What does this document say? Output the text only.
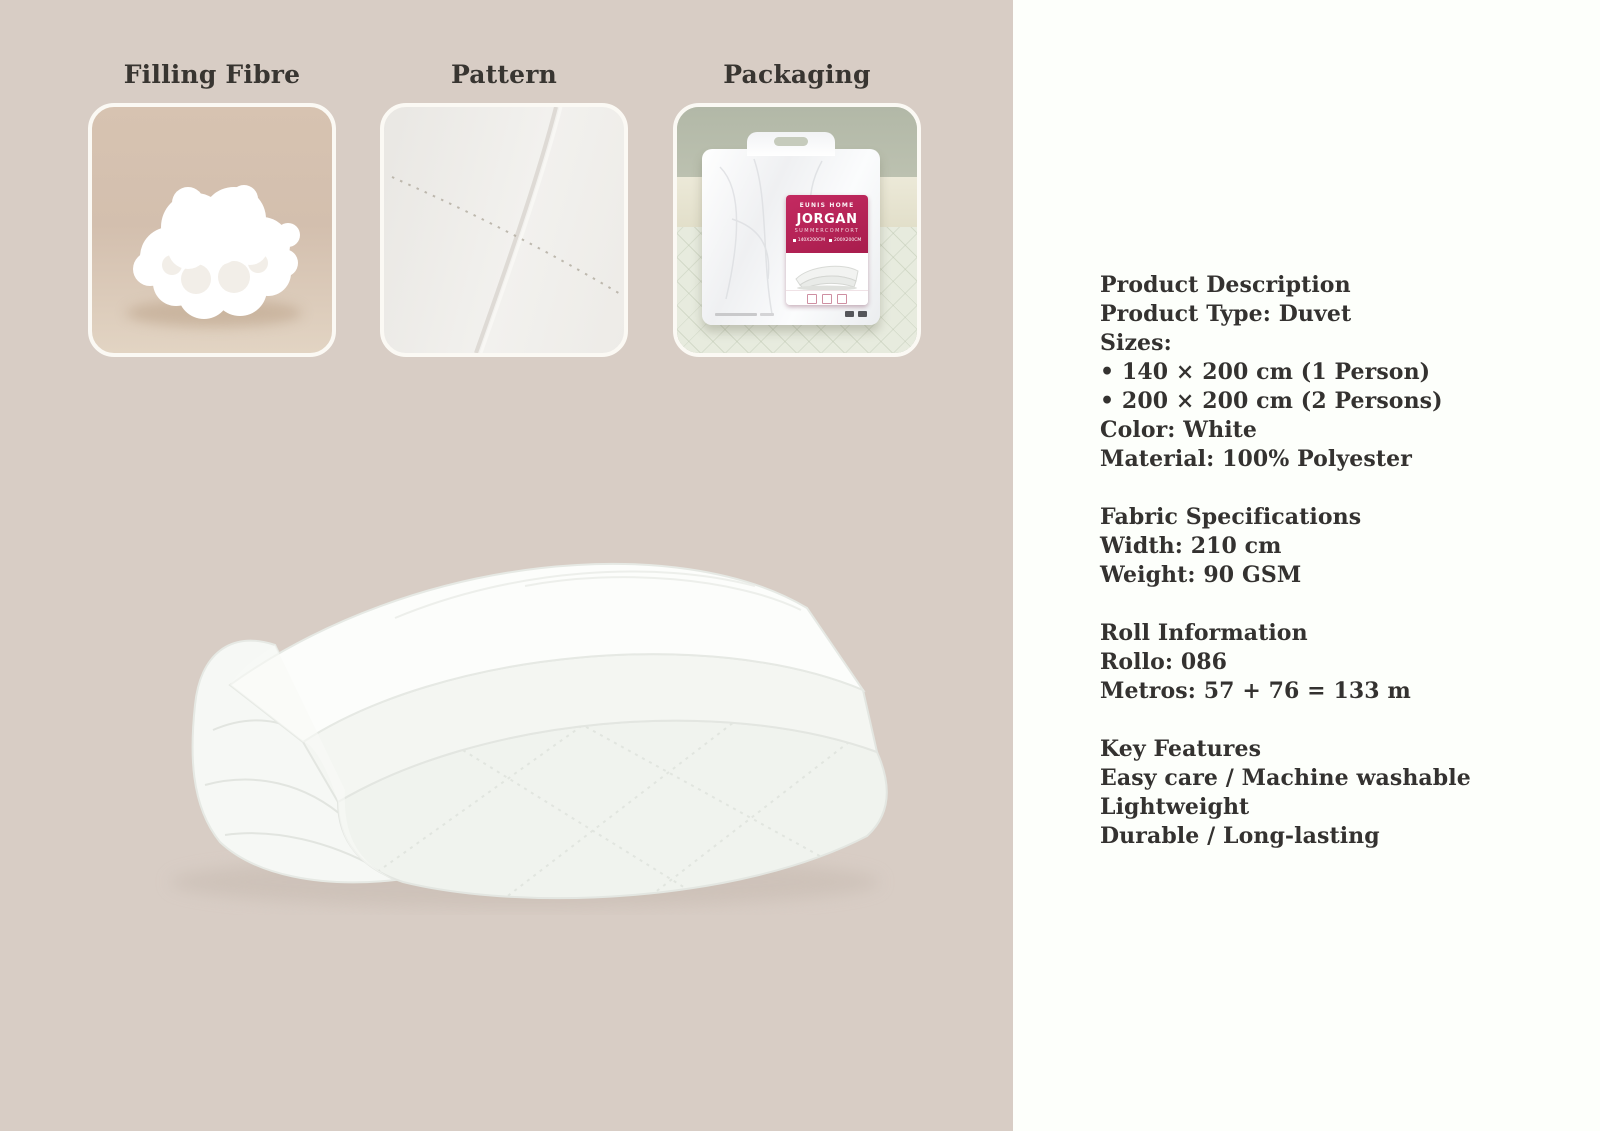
Filling Fibre	Pattern	Packaging
EUNIS HOME
JORGAN
SUMMERCOMFORT
140X200CM 200X200CM
Product Description
Product Type: Duvet
Sizes:
• 140 × 200 cm (1 Person)
• 200 × 200 cm (2 Persons)
Color: White
Material: 100% Polyester
Fabric Specifications
Width: 210 cm
Weight: 90 GSM
Roll Information
Rollo: 086
Metros: 57 + 76 = 133 m
Key Features
Easy care / Machine washable
Lightweight
Durable / Long-lasting
